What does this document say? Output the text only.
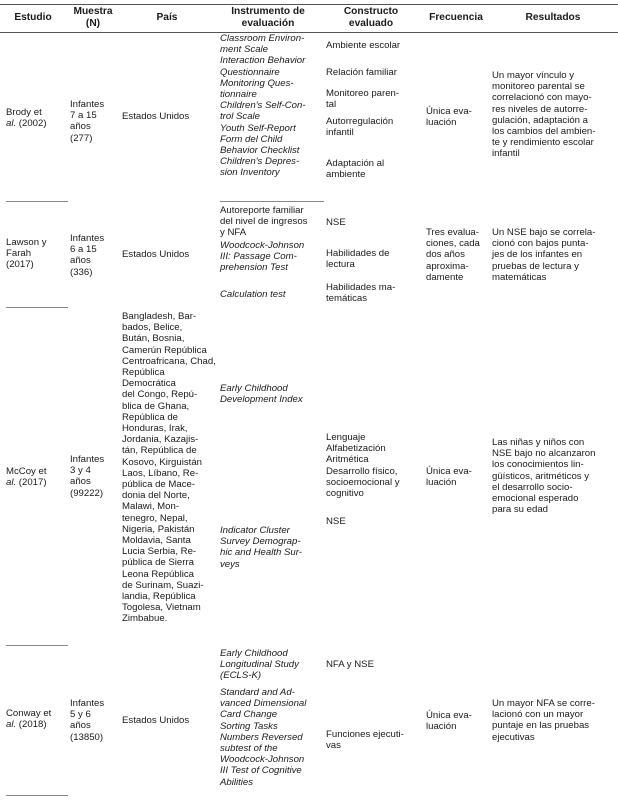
Estudio
Muestra
(N)
País
Instrumento de
evaluación
Constructo
evaluado
Frecuencia	Resultados
Brody et
al. (2002)
Infantes
7 a 15
años
(277)
Estados Unidos
Classroom Environ-
ment Scale
Interaction Behavior
Questionnaire
Monitoring Ques-
tionnaire
Children's Self-Con-
trol Scale
Youth Self-Report
Form del Child
Behavior Checklist
Children's Depres-
sion Inventory
Ambiente escolar
Relación familiar
Monitoreo paren-
tal
Autorregulación
infantil
Adaptación al
ambiente
Única eva-
luación
Un mayor vínculo y
monitoreo parental se
correlacionó con mayo-
res niveles de autorre-
gulación, adaptación a
los cambios del ambien-
te y rendimiento escolar
infantil
Lawson y
Farah
(2017)
Infantes
6 a 15
años
(336)
Estados Unidos
Autoreporte familiar
del nivel de ingresos
y NFA
Woodcock-Johnson
III: Passage Com-
prehension Test
Calculation test
NSE
Habilidades de
lectura
Habilidades ma-
temáticas
Tres evalua-
ciones, cada
dos años
aproxima-
damente
Un NSE bajo se correla-
cionó con bajos punta-
jes de los infantes en
pruebas de lectura y
matemáticas
McCoy et
al. (2017)
Infantes
3 y 4
años
(99222)
Bangladesh, Bar-
bados, Belice,
Bután, Bosnia,
Camerún República
Centroafricana, Chad, República
Democrática
del Congo, Repú-
blica de Ghana,
República de
Honduras, Irak,
Jordania, Kazajis-
tán, República de
Kosovo, Kirguistán
Laos, Líbano, Re-
pública de Mace-
donia del Norte,
Malawi, Mon-
tenegro, Nepal,
Nigeria, Pakistán
Moldavia, Santa
Lucia Serbia, Re-
pública de Sierra
Leona República
de Surinam, Suazi-
landia, República
Togolesa, Vietnam
Zimbabue.
Early Childhood
Development Index
Indicator Cluster
Survey Demograp-
hic and Health Sur-
veys
Lenguaje
Alfabetización
Aritmética
Desarrollo físico,
socioemocional y
cognitivo
NSE
Única eva-
luación
Las niñas y niños con
NSE bajo no alcanzaron
los conocimientos lin-
güísticos, aritméticos y
el desarrollo socio-
emocional esperado
para su edad
Conway et
al. (2018)
Infantes
5 y 6
años
(13850)
Estados Unidos
Early Childhood
Longitudinal Study
(ECLS-K)
Standard and Ad-
vanced Dimensional
Card Change
Sorting Tasks
Numbers Reversed
subtest of the
Woodcock-Johnson
III Test of Cognitive
Abilities
NFA y NSE
Funciones ejecuti-
vas
Única eva-
luación
Un mayor NFA se corre-
lacionó con un mayor
puntaje en las pruebas
ejecutivas
